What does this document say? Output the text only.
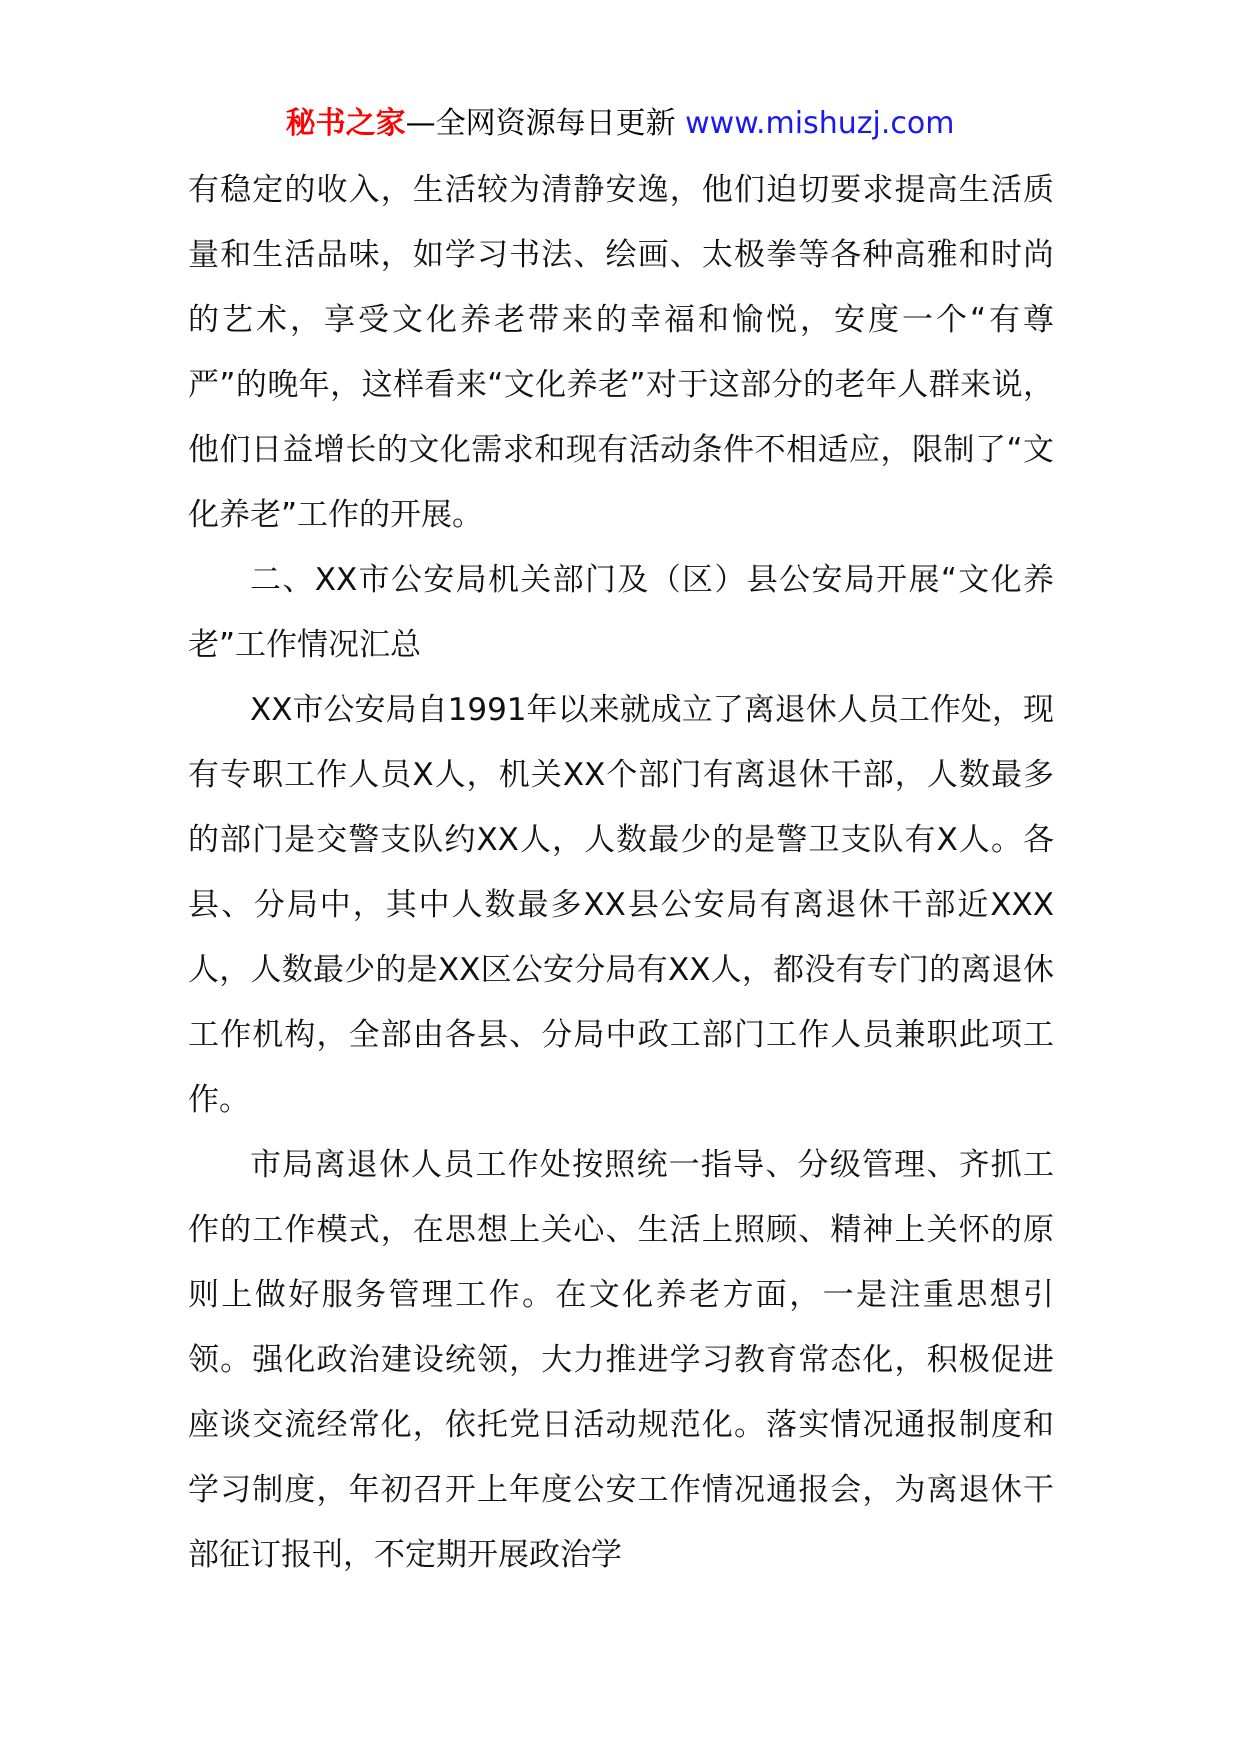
秘书之家—全网资源每日更新 www.mishuzj.com

有稳定的收入，生活较为清静安逸，他们迫切要求提高生活质量和生活品味，如学习书法、绘画、太极拳等各种高雅和时尚的艺术，享受文化养老带来的幸福和愉悦，安度一个“有尊严”的晚年，这样看来“文化养老”对于这部分的老年人群来说，他们日益增长的文化需求和现有活动条件不相适应，限制了“文化养老”工作的开展。

二、XX市公安局机关部门及（区）县公安局开展“文化养老”工作情况汇总

XX市公安局自1991年以来就成立了离退休人员工作处，现有专职工作人员X人，机关XX个部门有离退休干部，人数最多的部门是交警支队约XX人，人数最少的是警卫支队有X人。各县、分局中，其中人数最多XX县公安局有离退休干部近XXX人，人数最少的是XX区公安分局有XX人，都没有专门的离退休工作机构，全部由各县、分局中政工部门工作人员兼职此项工作。

市局离退休人员工作处按照统一指导、分级管理、齐抓工作的工作模式，在思想上关心、生活上照顾、精神上关怀的原则上做好服务管理工作。在文化养老方面，一是注重思想引领。强化政治建设统领，大力推进学习教育常态化，积极促进座谈交流经常化，依托党日活动规范化。落实情况通报制度和学习制度，年初召开上年度公安工作情况通报会，为离退休干部征订报刊，不定期开展政治学
